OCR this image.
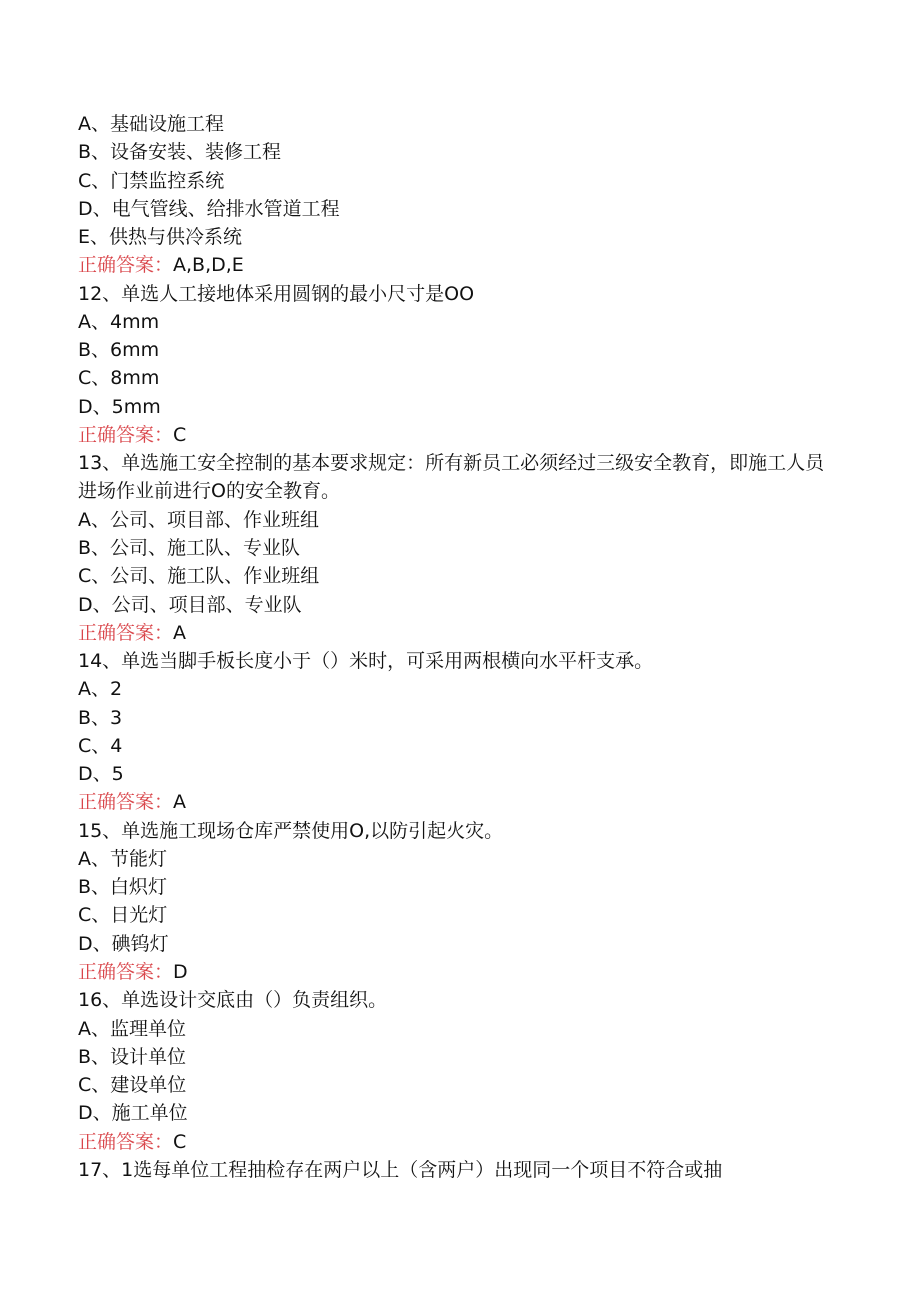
A、基础设施工程
B、设备安装、装修工程
C、门禁监控系统
D、电气管线、给排水管道工程
E、供热与供冷系统
正确答案：A,B,D,E
12、单选人工接地体采用圆钢的最小尺寸是OO
A、4mm
B、6mm
C、8mm
D、5mm
正确答案：C
13、单选施工安全控制的基本要求规定：所有新员工必须经过三级安全教育，即施工人员进场作业前进行O的安全教育。
A、公司、项目部、作业班组
B、公司、施工队、专业队
C、公司、施工队、作业班组
D、公司、项目部、专业队
正确答案：A
14、单选当脚手板长度小于（）米时，可采用两根横向水平杆支承。
A、2
B、3
C、4
D、5
正确答案：A
15、单选施工现场仓库严禁使用O,以防引起火灾。
A、节能灯
B、白炽灯
C、日光灯
D、碘钨灯
正确答案：D
16、单选设计交底由（）负责组织。
A、监理单位
B、设计单位
C、建设单位
D、施工单位
正确答案：C
17、1选每单位工程抽检存在两户以上（含两户）出现同一个项目不符合或抽
